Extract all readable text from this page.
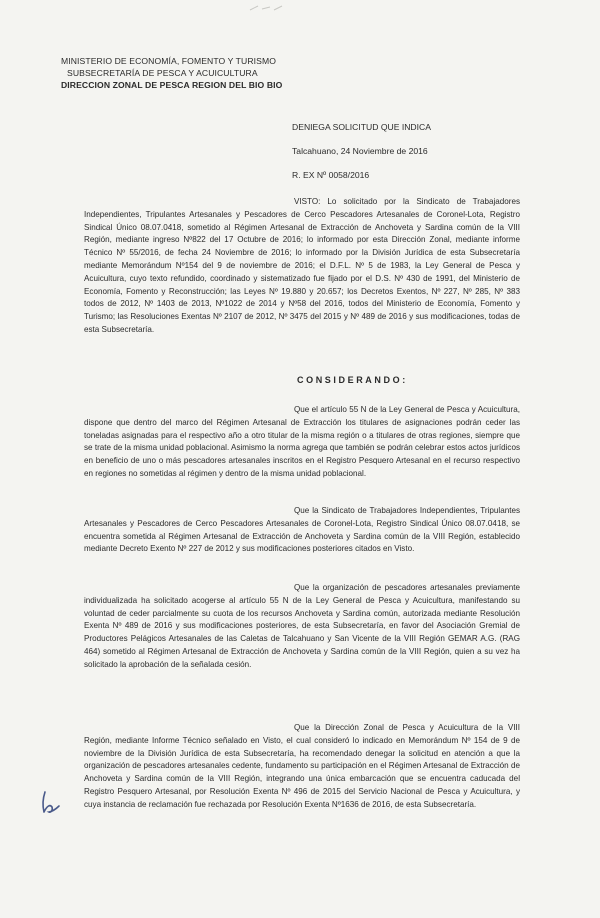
MINISTERIO DE ECONOMÍA, FOMENTO Y TURISMO
SUBSECRETARÍA DE PESCA Y ACUICULTURA
DIRECCION ZONAL DE PESCA REGION DEL BIO BIO
DENIEGA SOLICITUD QUE INDICA
Talcahuano, 24 Noviembre de 2016
R. EX Nº 0058/2016
VISTO: Lo solicitado por la Sindicato de Trabajadores Independientes, Tripulantes Artesanales y Pescadores de Cerco Pescadores Artesanales de Coronel-Lota, Registro Sindical Único 08.07.0418, sometido al Régimen Artesanal de Extracción de Anchoveta y Sardina común de la VIII Región, mediante ingreso Nº822 del 17 Octubre de 2016; lo informado por esta Dirección Zonal, mediante informe Técnico Nº 55/2016, de fecha 24 Noviembre de 2016; lo informado por la División Jurídica de esta Subsecretaría mediante Memorándum Nº154 del 9 de noviembre de 2016; el D.F.L. Nº 5 de 1983, la Ley General de Pesca y Acuicultura, cuyo texto refundido, coordinado y sistematizado fue fijado por el D.S. Nº 430 de 1991, del Ministerio de Economía, Fomento y Reconstrucción; las Leyes Nº 19.880 y 20.657; los Decretos Exentos, Nº 227, Nº 285, Nº 383 todos de 2012, Nº 1403 de 2013, Nº1022 de 2014 y Nº58 del 2016, todos del Ministerio de Economía, Fomento y Turismo; las Resoluciones Exentas Nº 2107 de 2012, Nº 3475 del 2015 y Nº 489 de 2016 y sus modificaciones, todas de esta Subsecretaría.
CONSIDERANDO:
Que el artículo 55 N de la Ley General de Pesca y Acuicultura, dispone que dentro del marco del Régimen Artesanal de Extracción los titulares de asignaciones podrán ceder las toneladas asignadas para el respectivo año a otro titular de la misma región o a titulares de otras regiones, siempre que se trate de la misma unidad poblacional. Asimismo la norma agrega que también se podrán celebrar estos actos jurídicos en beneficio de uno o más pescadores artesanales inscritos en el Registro Pesquero Artesanal en el recurso respectivo en regiones no sometidas al régimen y dentro de la misma unidad poblacional.
Que la Sindicato de Trabajadores Independientes, Tripulantes Artesanales y Pescadores de Cerco Pescadores Artesanales de Coronel-Lota, Registro Sindical Único 08.07.0418, se encuentra sometida al Régimen Artesanal de Extracción de Anchoveta y Sardina común de la VIII Región, establecido mediante Decreto Exento Nº 227 de 2012 y sus modificaciones posteriores citados en Visto.
Que la organización de pescadores artesanales previamente individualizada ha solicitado acogerse al artículo 55 N de la Ley General de Pesca y Acuicultura, manifestando su voluntad de ceder parcialmente su cuota de los recursos Anchoveta y Sardina común, autorizada mediante Resolución Exenta Nº 489 de 2016 y sus modificaciones posteriores, de esta Subsecretaría, en favor del Asociación Gremial de Productores Pelágicos Artesanales de las Caletas de Talcahuano y San Vicente de la VIII Región GEMAR A.G. (RAG 464) sometido al Régimen Artesanal de Extracción de Anchoveta y Sardina común de la VIII Región, quien a su vez ha solicitado la aprobación de la señalada cesión.
Que la Dirección Zonal de Pesca y Acuicultura de la VIII Región, mediante Informe Técnico señalado en Visto, el cual consideró lo indicado en Memorándum Nº 154 de 9 de noviembre de la División Jurídica de esta Subsecretaría, ha recomendado denegar la solicitud en atención a que la organización de pescadores artesanales cedente, fundamento su participación en el Régimen Artesanal de Extracción de Anchoveta y Sardina común de la VIII Región, integrando una única embarcación que se encuentra caducada del Registro Pesquero Artesanal, por Resolución Exenta Nº 496 de 2015 del Servicio Nacional de Pesca y Acuicultura, y cuya instancia de reclamación fue rechazada por Resolución Exenta Nº1636 de 2016, de esta Subsecretaría.
